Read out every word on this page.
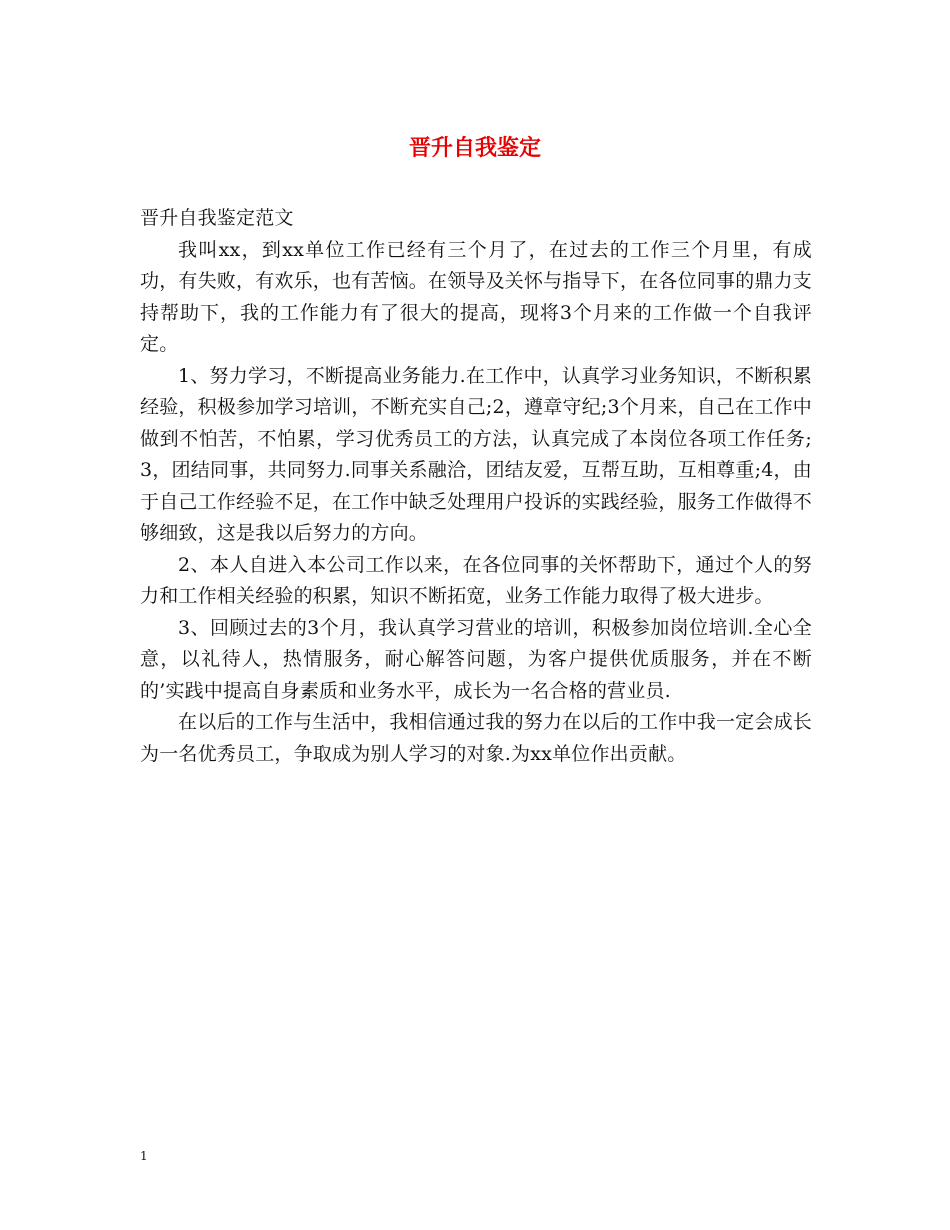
晋升自我鉴定

晋升自我鉴定范文

我叫xx，到xx单位工作已经有三个月了，在过去的工作三个月里，有成功，有失败，有欢乐，也有苦恼。在领导及关怀与指导下，在各位同事的鼎力支持帮助下，我的工作能力有了很大的提高，现将3个月来的工作做一个自我评定。

1、努力学习，不断提高业务能力.在工作中，认真学习业务知识，不断积累经验，积极参加学习培训，不断充实自己;2，遵章守纪;3个月来，自己在工作中做到不怕苦，不怕累，学习优秀员工的方法，认真完成了本岗位各项工作任务;3，团结同事，共同努力.同事关系融洽，团结友爱，互帮互助，互相尊重;4，由于自己工作经验不足，在工作中缺乏处理用户投诉的实践经验，服务工作做得不够细致，这是我以后努力的方向。

2、本人自进入本公司工作以来，在各位同事的关怀帮助下，通过个人的努力和工作相关经验的积累，知识不断拓宽，业务工作能力取得了极大进步。

3、回顾过去的3个月，我认真学习营业的培训，积极参加岗位培训.全心全意，以礼待人，热情服务，耐心解答问题，为客户提供优质服务，并在不断的’实践中提高自身素质和业务水平，成长为一名合格的营业员.

在以后的工作与生活中，我相信通过我的努力在以后的工作中我一定会成长为一名优秀员工，争取成为别人学习的对象.为xx单位作出贡献。

1
